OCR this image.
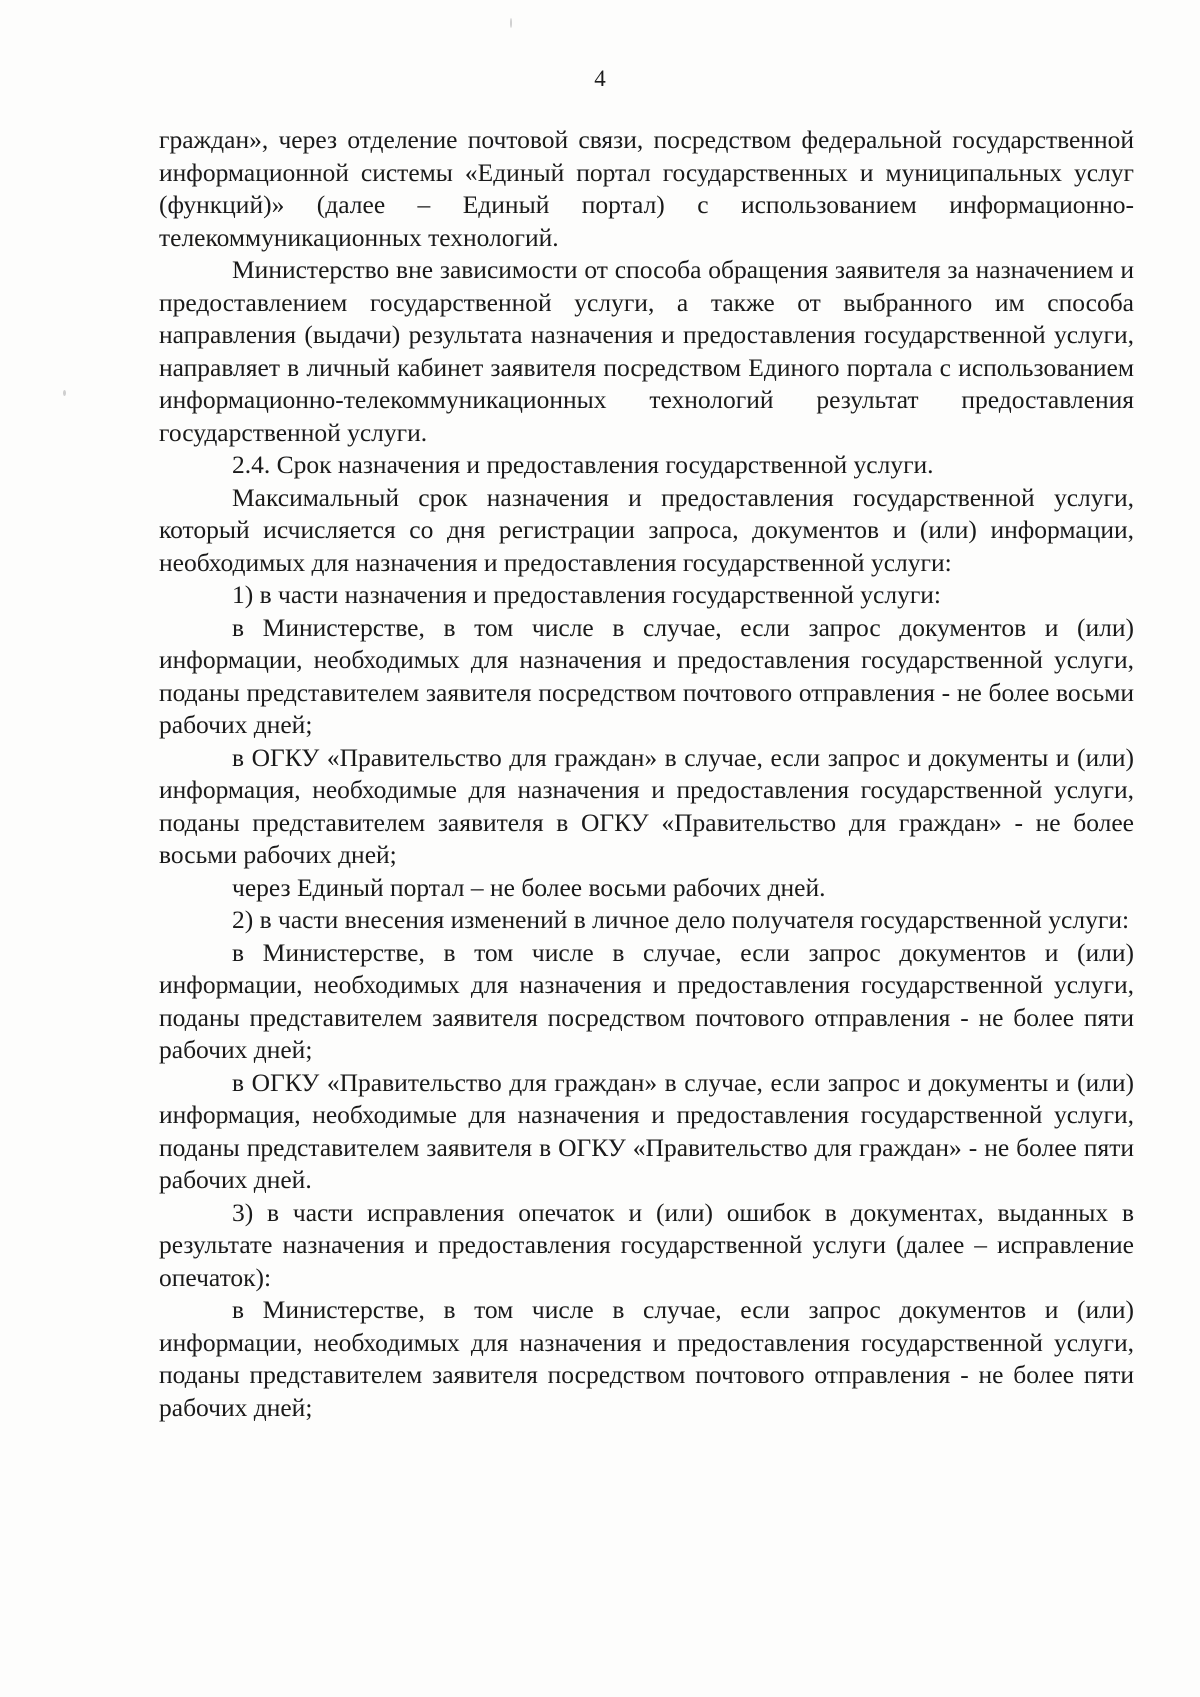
4

граждан», через отделение почтовой связи, посредством федеральной государственной информационной системы «Единый портал государственных и муниципальных услуг (функций)» (далее – Единый портал) с использованием информационно-телекоммуникационных технологий.

Министерство вне зависимости от способа обращения заявителя за назначением и предоставлением государственной услуги, а также от выбранного им способа направления (выдачи) результата назначения и предоставления государственной услуги, направляет в личный кабинет заявителя посредством Единого портала с использованием информационно-телекоммуникационных технологий результат предоставления государственной услуги.

2.4. Срок назначения и предоставления государственной услуги.

Максимальный срок назначения и предоставления государственной услуги, который исчисляется со дня регистрации запроса, документов и (или) информации, необходимых для назначения и предоставления государственной услуги:

1) в части назначения и предоставления государственной услуги:

в Министерстве, в том числе в случае, если запрос документов и (или) информации, необходимых для назначения и предоставления государственной услуги, поданы представителем заявителя посредством почтового отправления - не более восьми рабочих дней;

в ОГКУ «Правительство для граждан» в случае, если запрос и документы и (или) информация, необходимые для назначения и предоставления государственной услуги, поданы представителем заявителя в ОГКУ «Правительство для граждан» - не более восьми рабочих дней;

через Единый портал – не более восьми рабочих дней.

2) в части внесения изменений в личное дело получателя государственной услуги:

в Министерстве, в том числе в случае, если запрос документов и (или) информации, необходимых для назначения и предоставления государственной услуги, поданы представителем заявителя посредством почтового отправления - не более пяти рабочих дней;

в ОГКУ «Правительство для граждан» в случае, если запрос и документы и (или) информация, необходимые для назначения и предоставления государственной услуги, поданы представителем заявителя в ОГКУ «Правительство для граждан» - не более пяти рабочих дней.

3) в части исправления опечаток и (или) ошибок в документах, выданных в результате назначения и предоставления государственной услуги (далее – исправление опечаток):

в Министерстве, в том числе в случае, если запрос документов и (или) информации, необходимых для назначения и предоставления государственной услуги, поданы представителем заявителя посредством почтового отправления - не более пяти рабочих дней;
